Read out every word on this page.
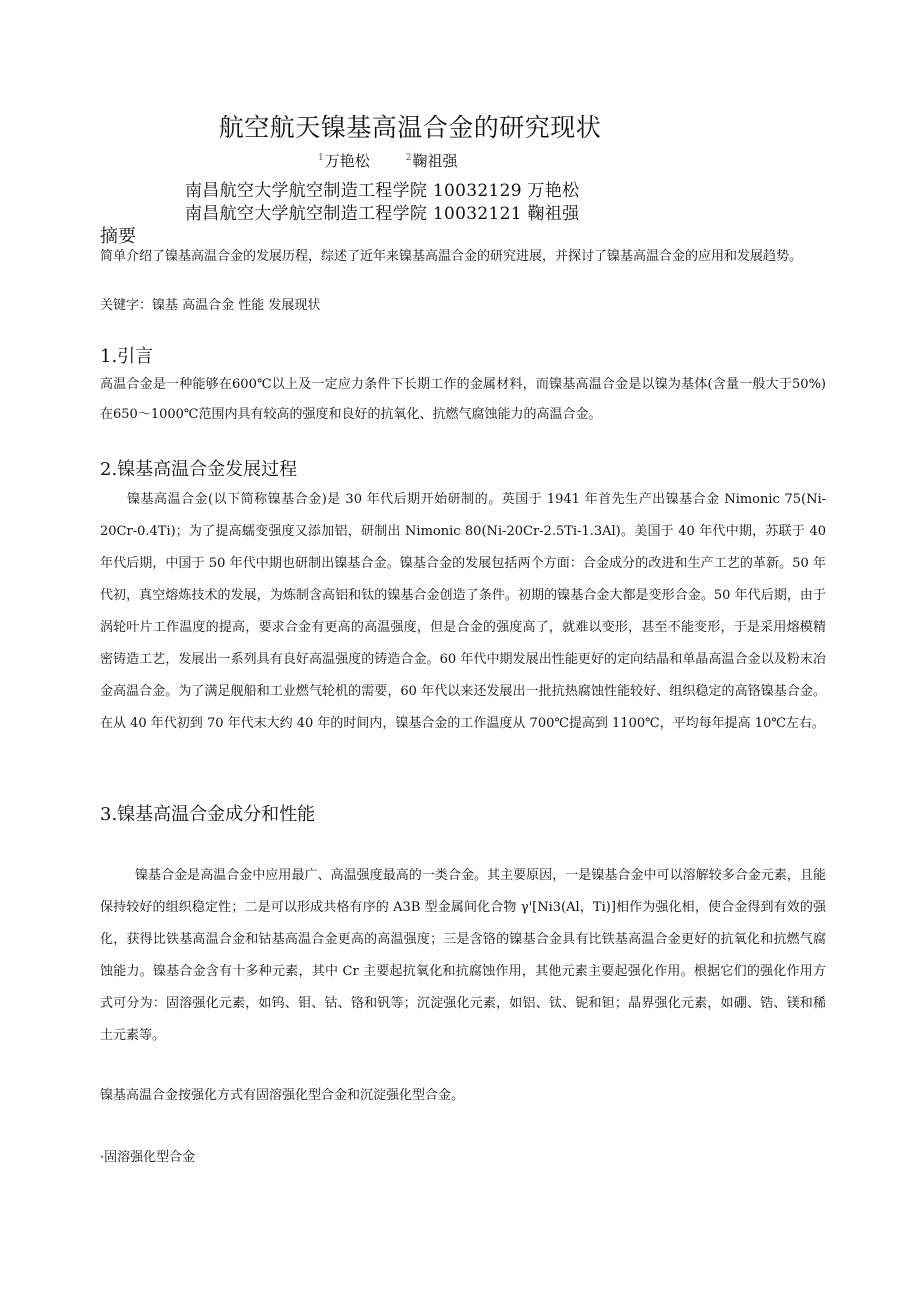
航空航天镍基高温合金的研究现状
$^1$万艳松	$^2$鞠祖强
南昌航空大学航空制造工程学院 10032129 万艳松
南昌航空大学航空制造工程学院 10032121 鞠祖强
摘要
简单介绍了镍基高温合金的发展历程，综述了近年来镍基高温合金的研究进展，并探讨了镍基高温合金的应用和发展趋势。
关键字：镍基 高温合金 性能 发展现状
1.引言
高温合金是一种能够在600℃以上及一定应力条件下长期工作的金属材料，而镍基高温合金是以镍为基体(含量一般大于50%) 在650～1000℃范围内具有较高的强度和良好的抗氧化、抗燃气腐蚀能力的高温合金。
2.镍基高温合金发展过程
镍基高温合金(以下简称镍基合金)是 30 年代后期开始研制的。英国于 1941 年首先生产出镍基合金 Nimonic 75(Ni-20Cr-0.4Ti)；为了提高蠕变强度又添加铝，研制出 Nimonic 80(Ni-20Cr-2.5Ti-1.3Al)。美国于 40 年代中期，苏联于 40 年代后期，中国于 50 年代中期也研制出镍基合金。镍基合金的发展包括两个方面：合金成分的改进和生产工艺的革新。50 年代初，真空熔炼技术的发展，为炼制含高铝和钛的镍基合金创造了条件。初期的镍基合金大都是变形合金。50 年代后期，由于涡轮叶片工作温度的提高，要求合金有更高的高温强度，但是合金的强度高了，就难以变形，甚至不能变形，于是采用熔模精密铸造工艺，发展出一系列具有良好高温强度的铸造合金。60 年代中期发展出性能更好的定向结晶和单晶高温合金以及粉末冶金高温合金。为了满足舰船和工业燃气轮机的需要，60 年代以来还发展出一批抗热腐蚀性能较好、组织稳定的高铬镍基合金。在从 40 年代初到 70 年代末大约 40 年的时间内，镍基合金的工作温度从 700℃提高到 1100℃，平均每年提高 10℃左右。
3.镍基高温合金成分和性能
镍基合金是高温合金中应用最广、高温强度最高的一类合金。其主要原因，一是镍基合金中可以溶解较多合金元素，且能保持较好的组织稳定性；二是可以形成共格有序的 A3B 型金属间化合物 γ'[Ni3(Al，Ti)]相作为强化相，使合金得到有效的强化，获得比铁基高温合金和钴基高温合金更高的高温强度；三是含铬的镍基合金具有比铁基高温合金更好的抗氧化和抗燃气腐蚀能力。镍基合金含有十多种元素，其中 Cr 主要起抗氧化和抗腐蚀作用，其他元素主要起强化作用。根据它们的强化作用方式可分为：固溶强化元素，如钨、钼、钴、铬和钒等；沉淀强化元素，如铝、钛、铌和钽；晶界强化元素，如硼、锆、镁和稀土元素等。
镍基高温合金按强化方式有固溶强化型合金和沉淀强化型合金。
·固溶强化型合金
